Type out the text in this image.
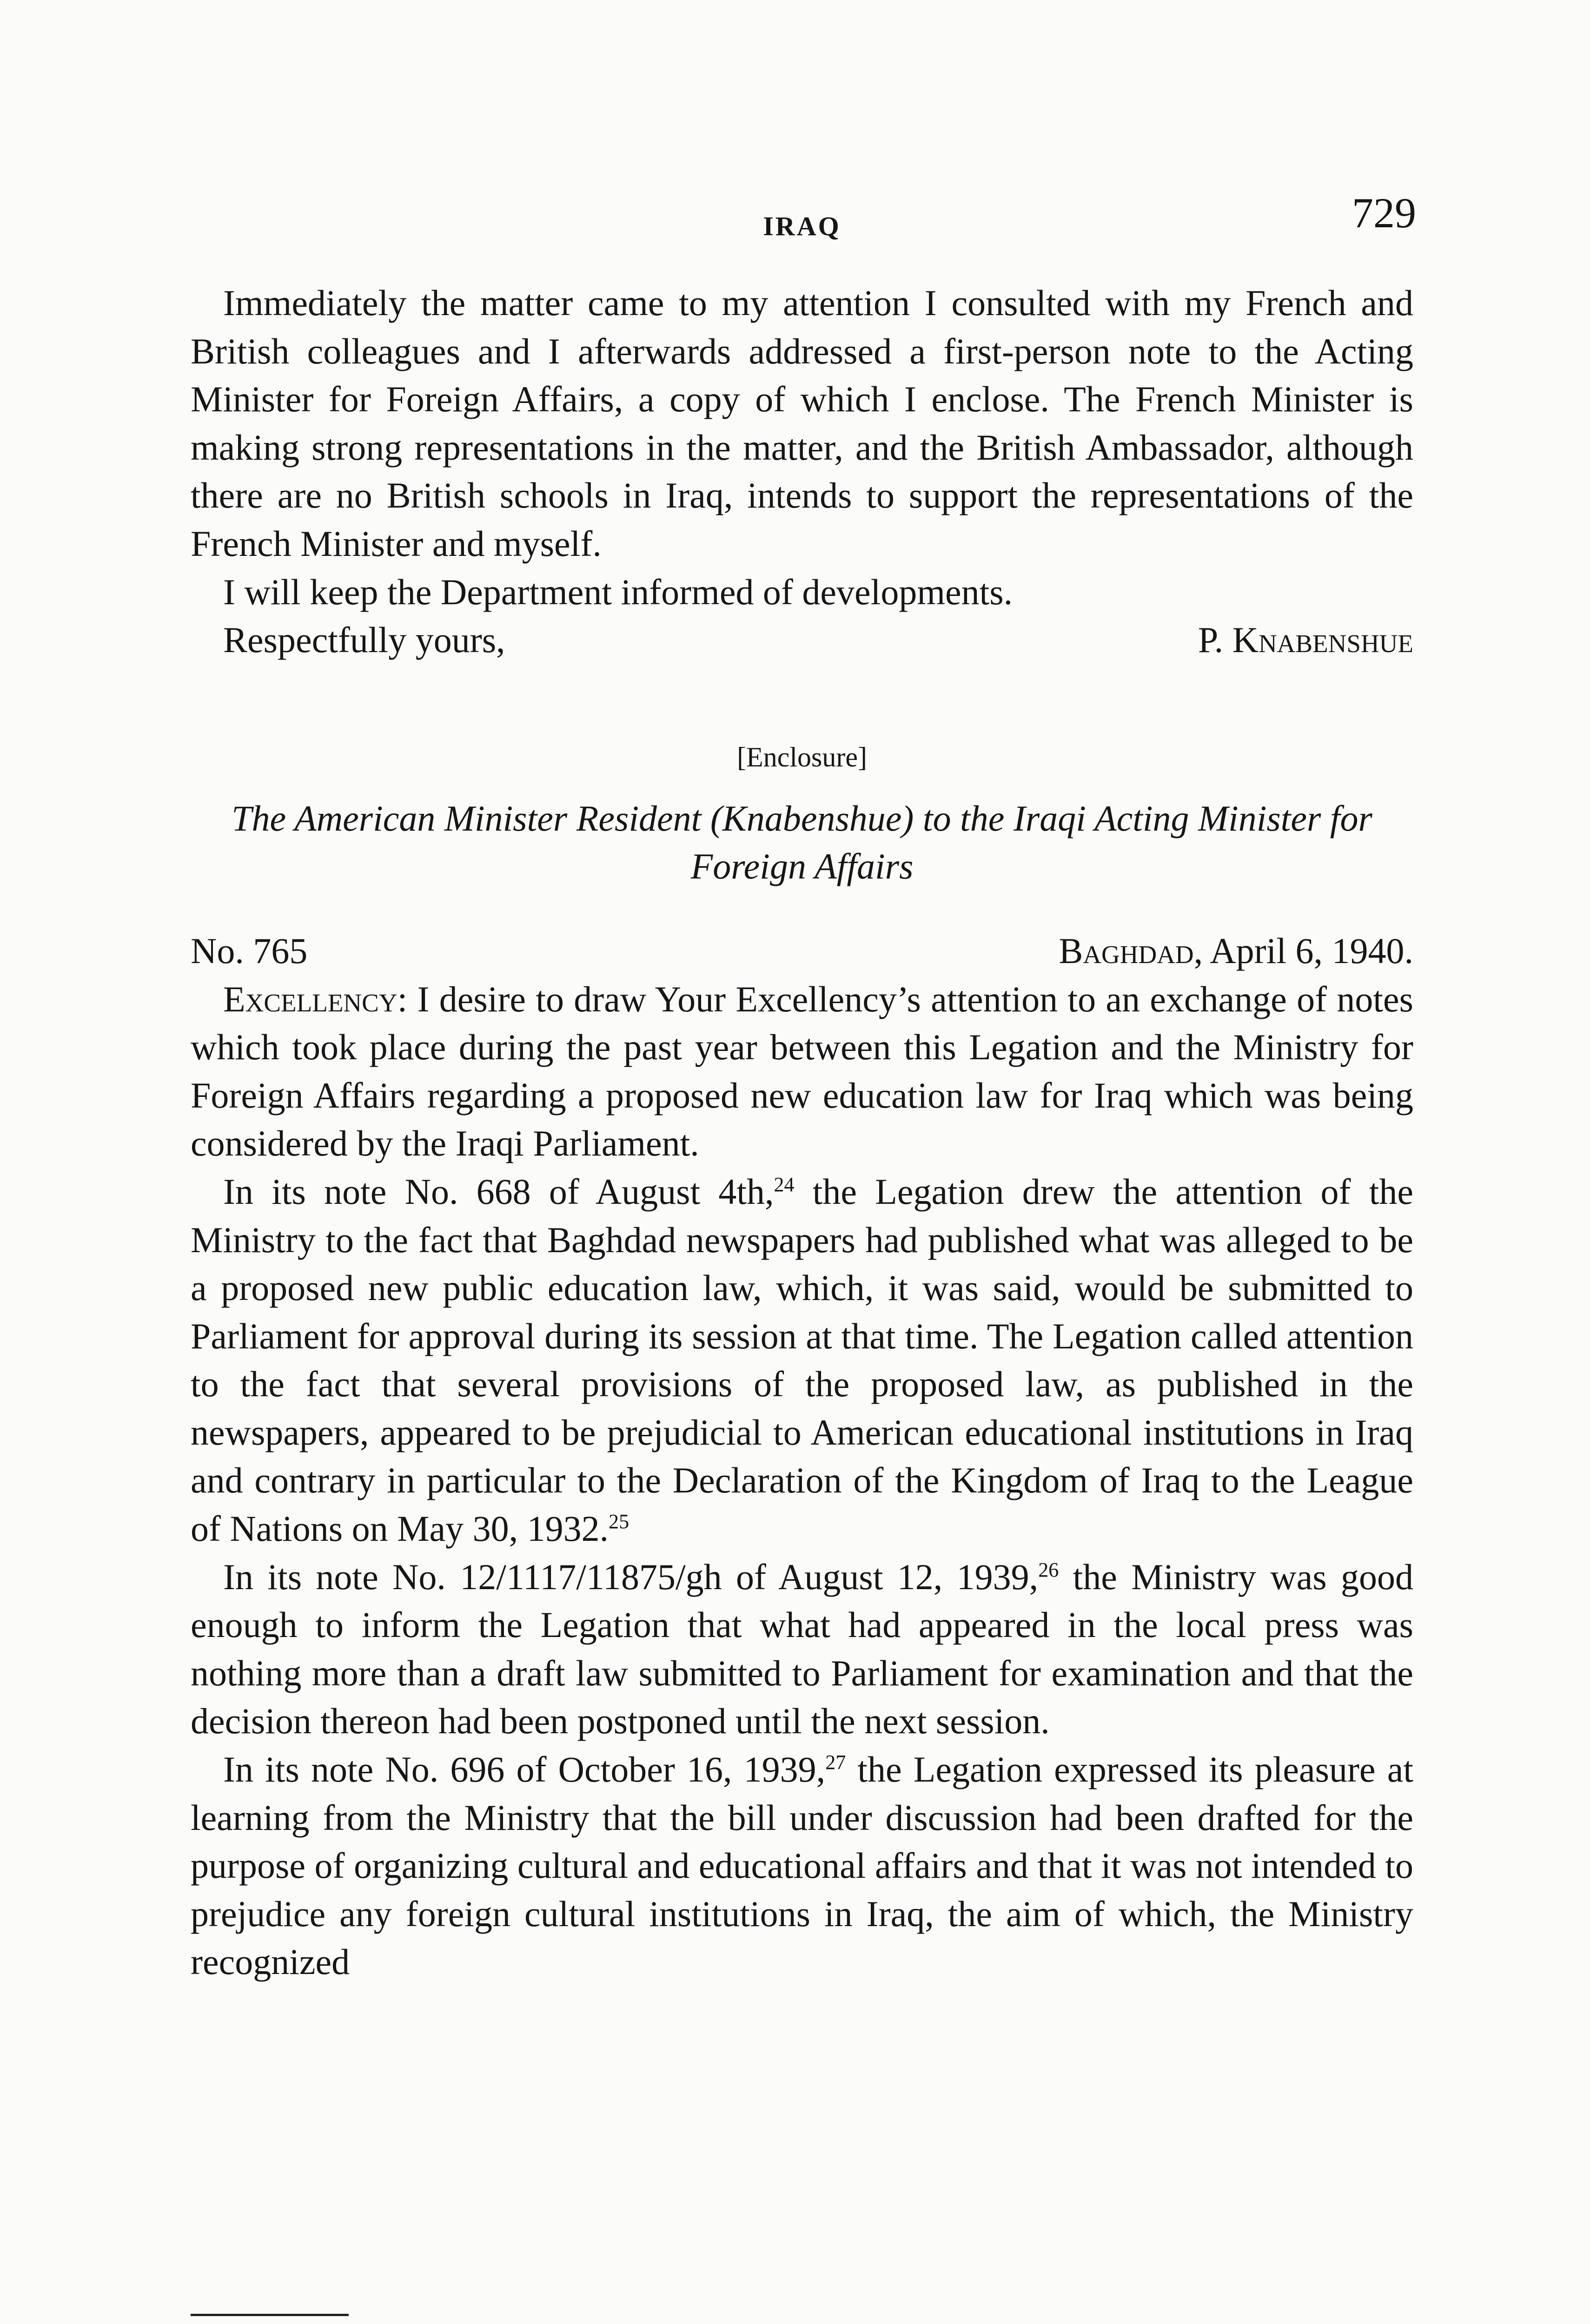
IRAQ	729

Immediately the matter came to my attention I consulted with my French and British colleagues and I afterwards addressed a first-person note to the Acting Minister for Foreign Affairs, a copy of which I enclose. The French Minister is making strong representations in the matter, and the British Ambassador, although there are no British schools in Iraq, intends to support the representations of the French Minister and myself.

I will keep the Department informed of developments.

Respectfully yours,	P. Knabenshue
[Enclosure]
The American Minister Resident (Knabenshue) to the Iraqi Acting Minister for Foreign Affairs
No. 765	Baghdad, April 6, 1940.

Excellency: I desire to draw Your Excellency’s attention to an exchange of notes which took place during the past year between this Legation and the Ministry for Foreign Affairs regarding a proposed new education law for Iraq which was being considered by the Iraqi Parliament.

In its note No. 668 of August 4th,$^{24}$ the Legation drew the attention of the Ministry to the fact that Baghdad newspapers had published what was alleged to be a proposed new public education law, which, it was said, would be submitted to Parliament for approval during its session at that time. The Legation called attention to the fact that several provisions of the proposed law, as published in the newspapers, appeared to be prejudicial to American educational institutions in Iraq and contrary in particular to the Declaration of the Kingdom of Iraq to the League of Nations on May 30, 1932.25

In its note No. 12/1117/11875/gh of August 12, 1939,26 the Ministry was good enough to inform the Legation that what had appeared in the local press was nothing more than a draft law submitted to Parliament for examination and that the decision thereon had been postponed until the next session.

In its note No. 696 of October 16, 1939,27 the Legation expressed its pleasure at learning from the Ministry that the bill under discussion had been drafted for the purpose of organizing cultural and educational affairs and that it was not intended to prejudice any foreign cultural institutions in Iraq, the aim of which, the Ministry recognized
